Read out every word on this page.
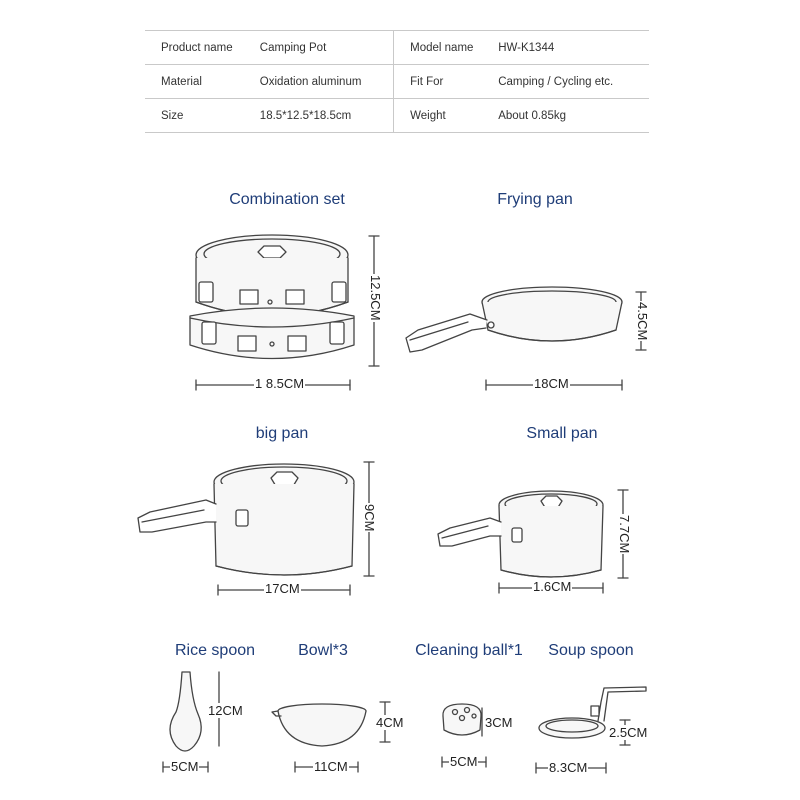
Product name	Camping Pot	Model name	HW-K1344
Material	Oxidation aluminum	Fit For	Camping / Cycling etc.
Size	18.5*12.5*18.5cm	Weight	About 0.85kg
Combination set	Frying pan
big pan	Small pan
Rice spoon	Bowl*3	Cleaning ball*1 Soup spoon
1 8.5CM	18CM
17CM	1.6CM
12CM
5CM
4CM
11CM
3CM
5CM
2.5CM
8.3CM
12.5CM
4.5CM
9CM	7.7CM
